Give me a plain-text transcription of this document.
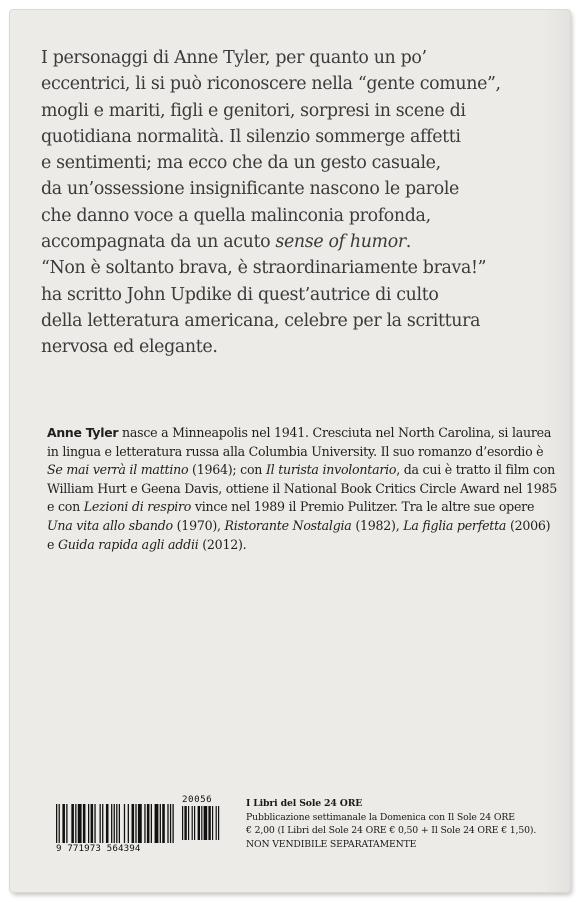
I personaggi di Anne Tyler, per quanto un po’
eccentrici, li si può riconoscere nella “gente comune”,
mogli e mariti, figli e genitori, sorpresi in scene di
quotidiana normalità. Il silenzio sommerge affetti
e sentimenti; ma ecco che da un gesto casuale,
da un’ossessione insignificante nascono le parole
che danno voce a quella malinconia profonda,
accompagnata da un acuto sense of humor.
“Non è soltanto brava, è straordinariamente brava!”
ha scritto John Updike di quest’autrice di culto
della letteratura americana, celebre per la scrittura
nervosa ed elegante.

Anne Tyler nasce a Minneapolis nel 1941. Cresciuta nel North Carolina, si laurea in lingua e letteratura russa alla Columbia University. Il suo romanzo d’esordio è Se mai verrà il mattino (1964); con Il turista involontario, da cui è tratto il film con William Hurt e Geena Davis, ottiene il National Book Critics Circle Award nel 1985 e con Lezioni di respiro vince nel 1989 il Premio Pulitzer. Tra le altre sue opere Una vita allo sbando (1970), Ristorante Nostalgia (1982), La figlia perfetta (2006) e Guida rapida agli addii (2012).

20056
9 771973 564394
I Libri del Sole 24 ORE
Pubblicazione settimanale la Domenica con Il Sole 24 ORE
€ 2,00 (I Libri del Sole 24 ORE € 0,50 + Il Sole 24 ORE € 1,50).
NON VENDIBILE SEPARATAMENTE
